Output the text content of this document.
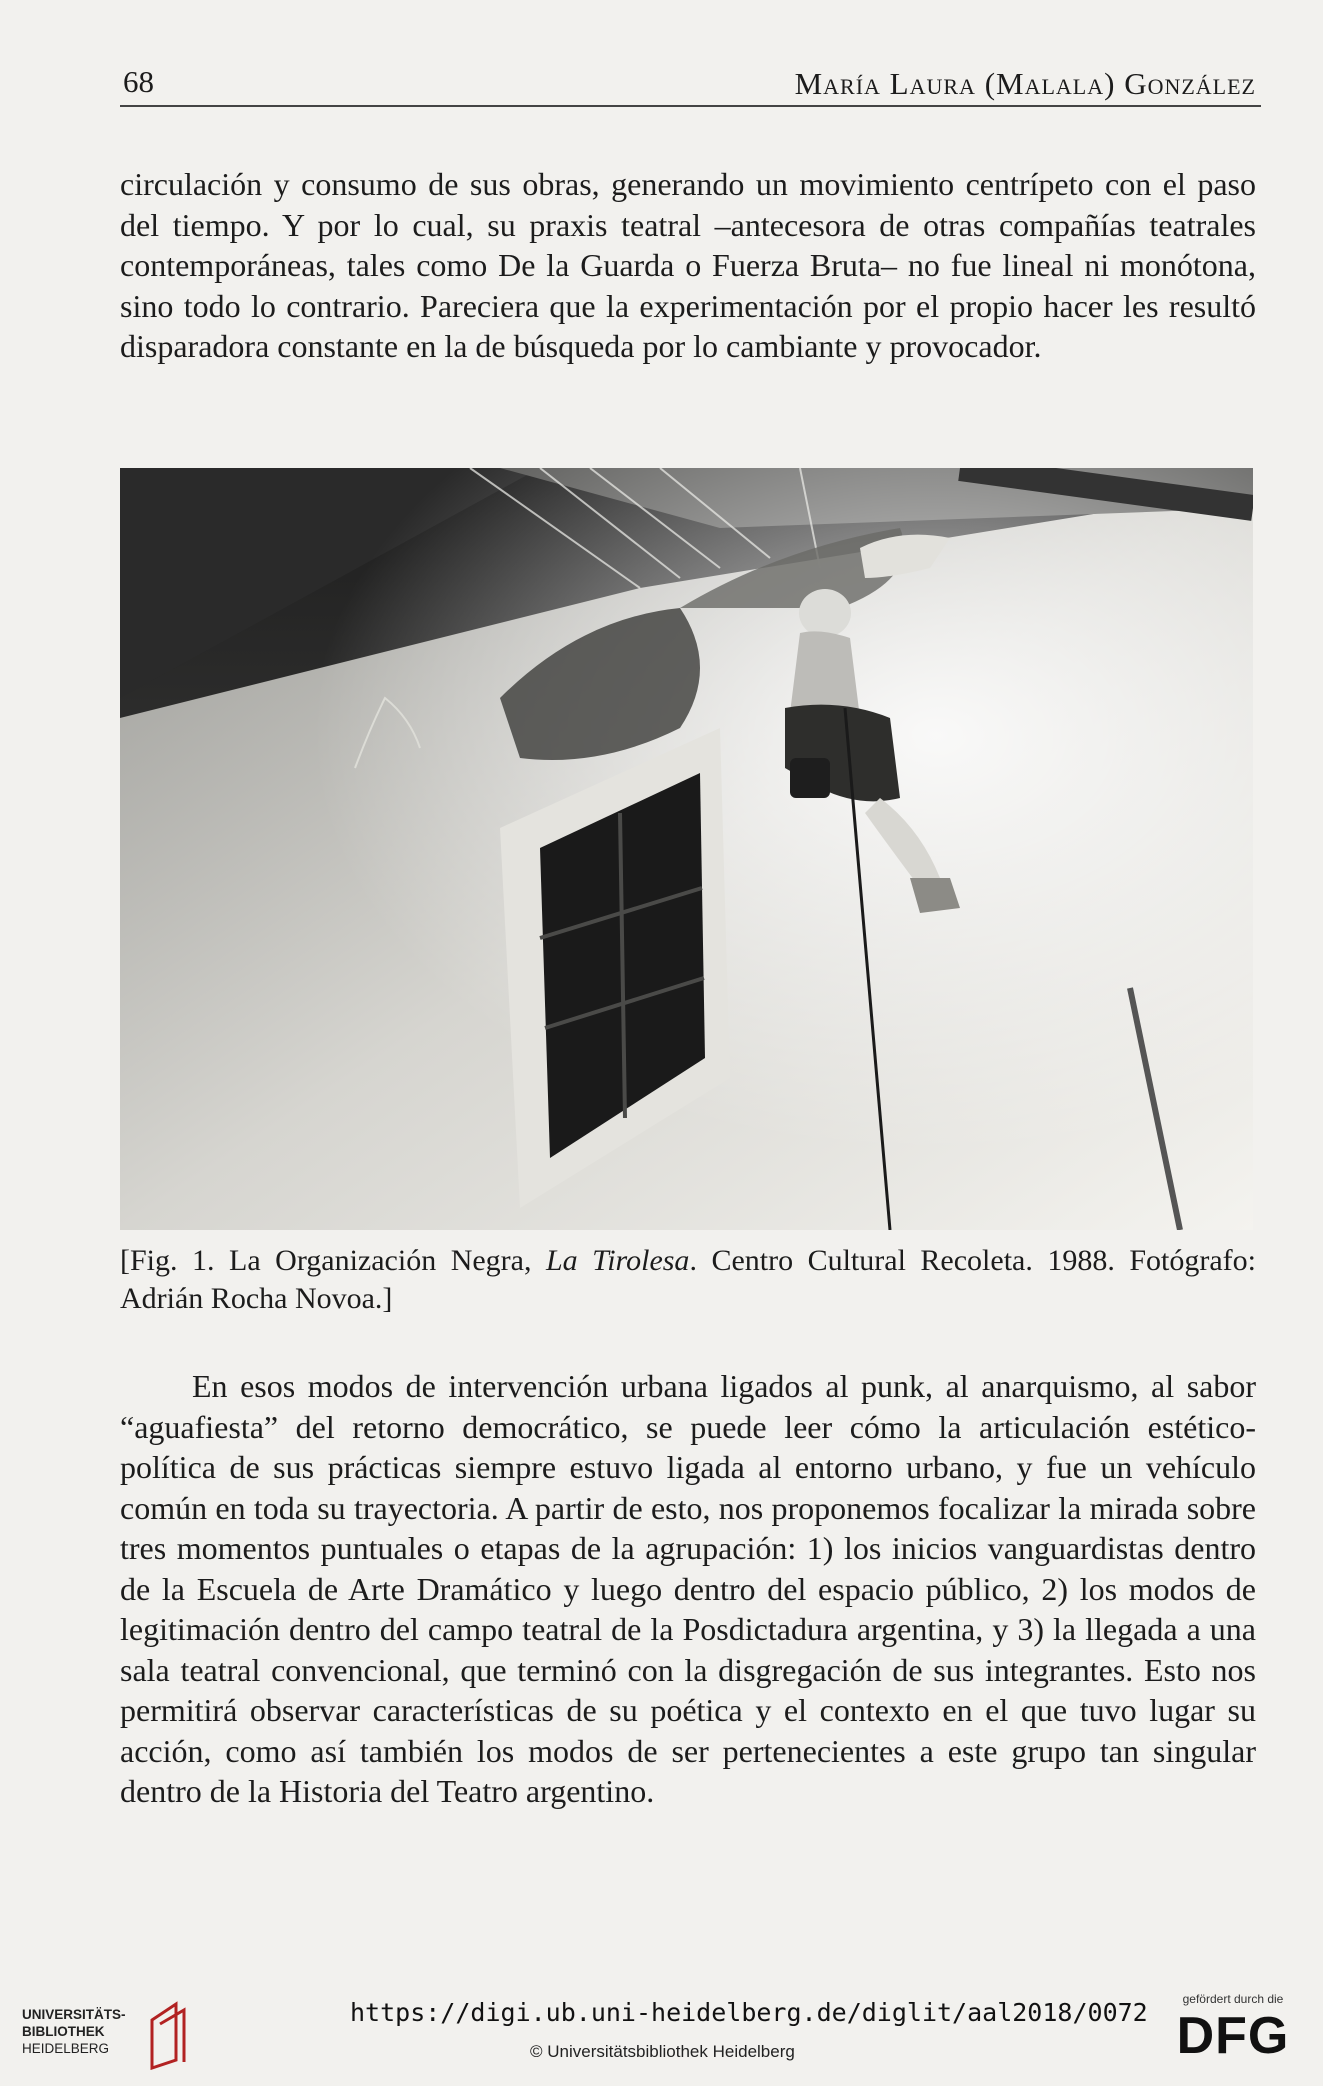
68	María Laura (Malala) González

circulación y consumo de sus obras, generando un movimiento centrípeto con el paso del tiempo. Y por lo cual, su praxis teatral –antecesora de otras compañías teatrales contemporáneas, tales como De la Guarda o Fuerza Bruta– no fue lineal ni monótona, sino todo lo contrario. Pareciera que la experimentación por el propio hacer les resultó disparadora constante en la de búsqueda por lo cambiante y provocador.

[Fig. 1. La Organización Negra, La Tirolesa. Centro Cultural Recoleta. 1988. Fotógrafo: Adrián Rocha Novoa.]

En esos modos de intervención urbana ligados al punk, al anarquismo, al sabor “aguafiesta” del retorno democrático, se puede leer cómo la articulación estético-política de sus prácticas siempre estuvo ligada al entorno urbano, y fue un vehículo común en toda su trayectoria. A partir de esto, nos proponemos focalizar la mirada sobre tres momentos puntuales o etapas de la agrupación: 1) los inicios vanguardistas dentro de la Escuela de Arte Dramático y luego dentro del espacio público, 2) los modos de legitimación dentro del campo teatral de la Posdictadura argentina, y 3) la llegada a una sala teatral convencional, que terminó con la disgregación de sus integrantes. Esto nos permitirá observar características de su poética y el contexto en el que tuvo lugar su acción, como así también los modos de ser pertenecientes a este grupo tan singular dentro de la Historia del Teatro argentino.

UNIVERSITÄTS-
BIBLIOTHEK
HEIDELBERG
https://digi.ub.uni-heidelberg.de/diglit/aal2018/0072
© Universitätsbibliothek Heidelberg
gefördert durch die
DFG
